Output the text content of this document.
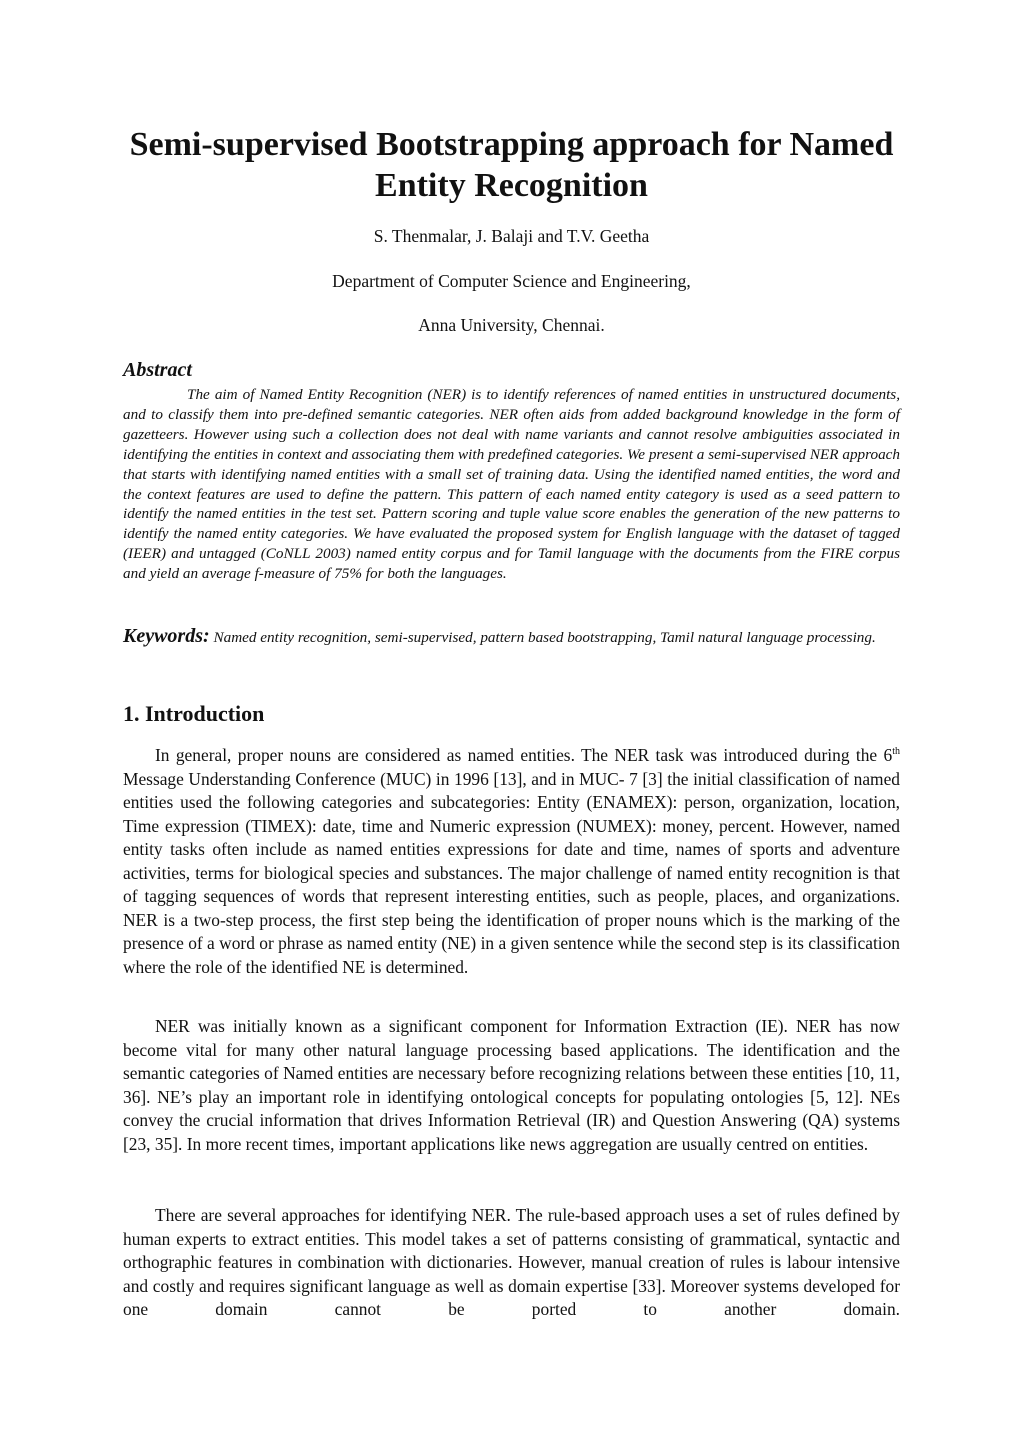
Semi-supervised Bootstrapping approach for Named Entity Recognition
S. Thenmalar, J. Balaji and T.V. Geetha
Department of Computer Science and Engineering,
Anna University, Chennai.
Abstract

The aim of Named Entity Recognition (NER) is to identify references of named entities in unstructured documents, and to classify them into pre-defined semantic categories. NER often aids from added background knowledge in the form of gazetteers. However using such a collection does not deal with name variants and cannot resolve ambiguities associated in identifying the entities in context and associating them with predefined categories. We present a semi-supervised NER approach that starts with identifying named entities with a small set of training data. Using the identified named entities, the word and the context features are used to define the pattern. This pattern of each named entity category is used as a seed pattern to identify the named entities in the test set. Pattern scoring and tuple value score enables the generation of the new patterns to identify the named entity categories. We have evaluated the proposed system for English language with the dataset of tagged (IEER) and untagged (CoNLL 2003) named entity corpus and for Tamil language with the documents from the FIRE corpus and yield an average f-measure of 75% for both the languages.

Keywords: Named entity recognition, semi-supervised, pattern based bootstrapping, Tamil natural language processing.

1. Introduction

In general, proper nouns are considered as named entities. The NER task was introduced during the 6th Message Understanding Conference (MUC) in 1996 [13], and in MUC- 7 [3] the initial classification of named entities used the following categories and subcategories: Entity (ENAMEX): person, organization, location, Time expression (TIMEX): date, time and Numeric expression (NUMEX): money, percent. However, named entity tasks often include as named entities expressions for date and time, names of sports and adventure activities, terms for biological species and substances. The major challenge of named entity recognition is that of tagging sequences of words that represent interesting entities, such as people, places, and organizations. NER is a two-step process, the first step being the identification of proper nouns which is the marking of the presence of a word or phrase as named entity (NE) in a given sentence while the second step is its classification where the role of the identified NE is determined.

NER was initially known as a significant component for Information Extraction (IE). NER has now become vital for many other natural language processing based applications. The identification and the semantic categories of Named entities are necessary before recognizing relations between these entities [10, 11, 36]. NE’s play an important role in identifying ontological concepts for populating ontologies [5, 12]. NEs convey the crucial information that drives Information Retrieval (IR) and Question Answering (QA) systems [23, 35]. In more recent times, important applications like news aggregation are usually centred on entities.

There are several approaches for identifying NER. The rule-based approach uses a set of rules defined by human experts to extract entities. This model takes a set of patterns consisting of grammatical, syntactic and orthographic features in combination with dictionaries. However, manual creation of rules is labour intensive and costly and requires significant language as well as domain expertise [33]. Moreover systems developed for one domain cannot be ported to another domain.
